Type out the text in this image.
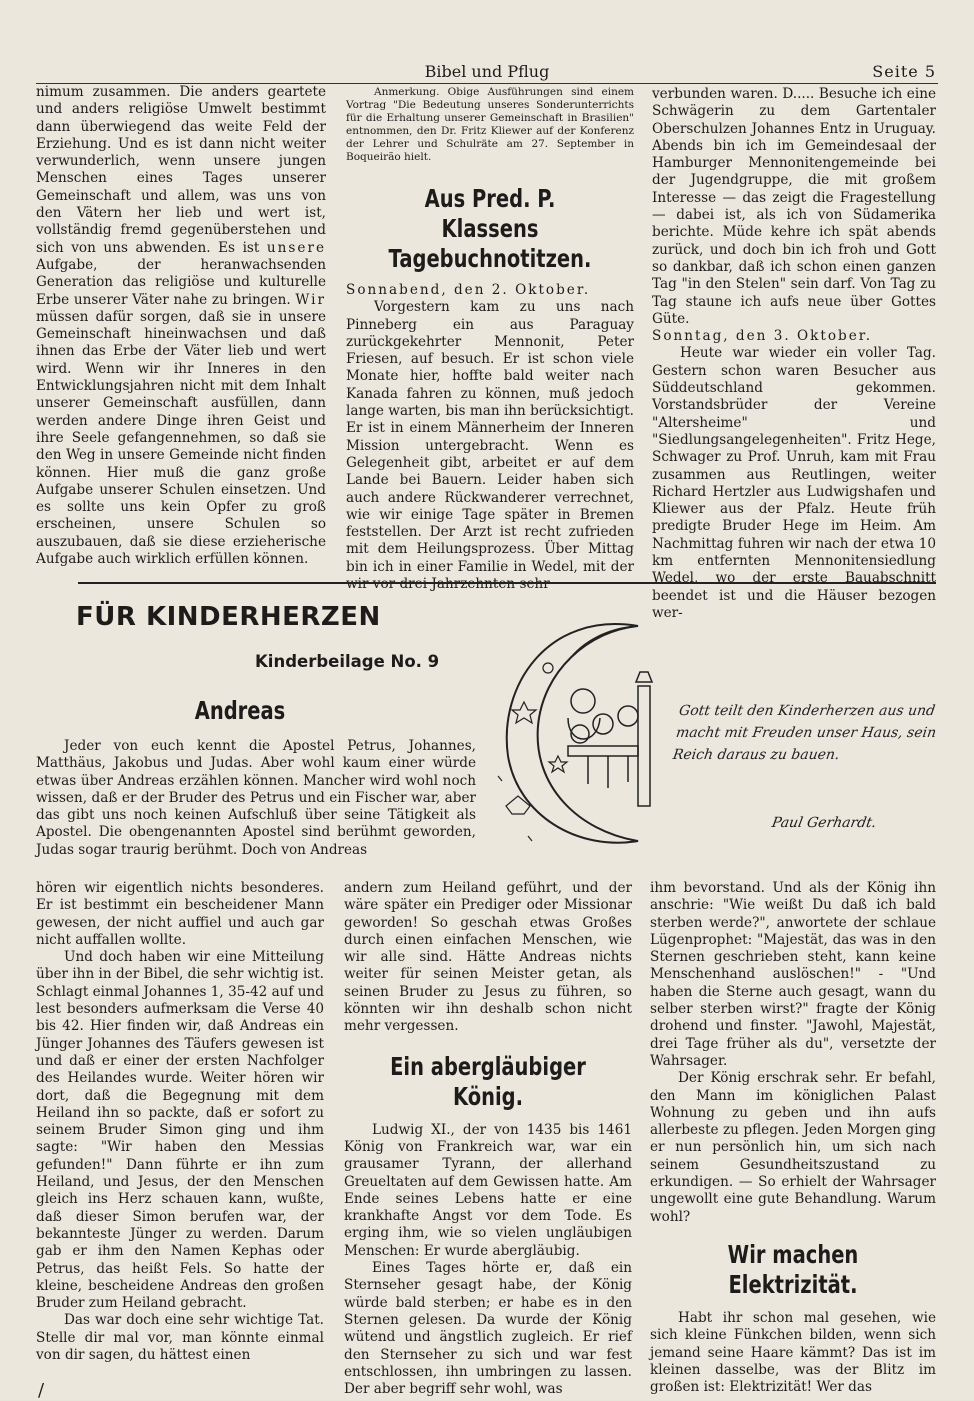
Bibel und Pflug	Seite 5

nimum zusammen. Die anders geartete und anders religiöse Umwelt bestimmt dann überwiegend das weite Feld der Erziehung. Und es ist dann nicht weiter verwunderlich, wenn unsere jungen Menschen eines Tages unserer Gemeinschaft und allem, was uns von den Vätern her lieb und wert ist, vollständig fremd gegenüberstehen und sich von uns abwenden. Es ist unsere Aufgabe, der heranwachsenden Generation das religiöse und kulturelle Erbe unserer Väter nahe zu bringen. Wir müssen dafür sorgen, daß sie in unsere Gemeinschaft hineinwachsen und daß ihnen das Erbe der Väter lieb und wert wird. Wenn wir ihr Inneres in den Entwicklungsjahren nicht mit dem Inhalt unserer Gemeinschaft ausfüllen, dann werden andere Dinge ihren Geist und ihre Seele gefangennehmen, so daß sie den Weg in unsere Gemeinde nicht finden können. Hier muß die ganz große Aufgabe unserer Schulen einsetzen. Und es sollte uns kein Opfer zu groß erscheinen, unsere Schulen so auszubauen, daß sie diese erzieherische Aufgabe auch wirklich erfüllen können.

Anmerkung. Obige Ausführungen sind einem Vortrag "Die Bedeutung unseres Sonderunterrichts für die Erhaltung unserer Gemeinschaft in Brasilien" entnommen, den Dr. Fritz Kliewer auf der Konferenz der Lehrer und Schulräte am 27. September in Boqueirão hielt.

Aus Pred. P. Klassens Tagebuchnotitzen.

Sonnabend, den 2. Oktober.

Vorgestern kam zu uns nach Pinneberg ein aus Paraguay zurückgekehrter Mennonit, Peter Friesen, auf besuch. Er ist schon viele Monate hier, hoffte bald weiter nach Kanada fahren zu können, muß jedoch lange warten, bis man ihn berücksichtigt. Er ist in einem Männerheim der Inneren Mission untergebracht. Wenn es Gelegenheit gibt, arbeitet er auf dem Lande bei Bauern. Leider haben sich auch andere Rückwanderer verrechnet, wie wir einige Tage später in Bremen feststellen. Der Arzt ist recht zufrieden mit dem Heilungsprozess. Über Mittag bin ich in einer Familie in Wedel, mit der wir vor drei Jahrzehnten sehr

verbunden waren. D..... Besuche ich eine Schwägerin zu dem Gartentaler Oberschulzen Johannes Entz in Uruguay. Abends bin ich im Gemeindesaal der Hamburger Mennonitengemeinde bei der Jugendgruppe, die mit großem Interesse — das zeigt die Fragestellung — dabei ist, als ich von Südamerika berichte. Müde kehre ich spät abends zurück, und doch bin ich froh und Gott so dankbar, daß ich schon einen ganzen Tag "in den Stelen" sein darf. Von Tag zu Tag staune ich aufs neue über Gottes Güte.

Sonntag, den 3. Oktober.

Heute war wieder ein voller Tag. Gestern schon waren Besucher aus Süddeutschland gekommen. Vorstandsbrüder der Vereine "Altersheime" und "Siedlungsangelegenheiten". Fritz Hege, Schwager zu Prof. Unruh, kam mit Frau zusammen aus Reutlingen, weiter Richard Hertzler aus Ludwigshafen und Kliewer aus der Pfalz. Heute früh predigte Bruder Hege im Heim. Am Nachmittag fuhren wir nach der etwa 10 km entfernten Mennonitensiedlung Wedel, wo der erste Bauabschnitt beendet ist und die Häuser bezogen wer-

FÜR KINDERHERZEN
Kinderbeilage No. 9
Andreas	Gott teilt den Kinderherzen aus und macht mit Freuden unser Haus, sein Reich daraus zu bauen.
Paul Gerhardt.

Jeder von euch kennt die Apostel Petrus, Johannes, Matthäus, Jakobus und Judas. Aber wohl kaum einer würde etwas über Andreas erzählen können. Mancher wird wohl noch wissen, daß er der Bruder des Petrus und ein Fischer war, aber das gibt uns noch keinen Aufschluß über seine Tätigkeit als Apostel. Die obengenannten Apostel sind berühmt geworden, Judas sogar traurig berühmt. Doch von Andreas

hören wir eigentlich nichts besonderes. Er ist bestimmt ein bescheidener Mann gewesen, der nicht auffiel und auch gar nicht auffallen wollte.

Und doch haben wir eine Mitteilung über ihn in der Bibel, die sehr wichtig ist. Schlagt einmal Johannes 1, 35-42 auf und lest besonders aufmerksam die Verse 40 bis 42. Hier finden wir, daß Andreas ein Jünger Johannes des Täufers gewesen ist und daß er einer der ersten Nachfolger des Heilandes wurde. Weiter hören wir dort, daß die Begegnung mit dem Heiland ihn so packte, daß er sofort zu seinem Bruder Simon ging und ihm sagte: "Wir haben den Messias gefunden!" Dann führte er ihn zum Heiland, und Jesus, der den Menschen gleich ins Herz schauen kann, wußte, daß dieser Simon berufen war, der bekannteste Jünger zu werden. Darum gab er ihm den Namen Kephas oder Petrus, das heißt Fels. So hatte der kleine, bescheidene Andreas den großen Bruder zum Heiland gebracht.

Das war doch eine sehr wichtige Tat. Stelle dir mal vor, man könnte einmal von dir sagen, du hättest einen

andern zum Heiland geführt, und der wäre später ein Prediger oder Missionar geworden! So geschah etwas Großes durch einen einfachen Menschen, wie wir alle sind. Hätte Andreas nichts weiter für seinen Meister getan, als seinen Bruder zu Jesus zu führen, so könnten wir ihn deshalb schon nicht mehr vergessen.

Ein abergläubiger König.

Ludwig XI., der von 1435 bis 1461 König von Frankreich war, war ein grausamer Tyrann, der allerhand Greueltaten auf dem Gewissen hatte. Am Ende seines Lebens hatte er eine krankhafte Angst vor dem Tode. Es erging ihm, wie so vielen ungläubigen Menschen: Er wurde abergläubig.

Eines Tages hörte er, daß ein Sternseher gesagt habe, der König würde bald sterben; er habe es in den Sternen gelesen. Da wurde der König wütend und ängstlich zugleich. Er rief den Sternseher zu sich und war fest entschlossen, ihn umbringen zu lassen. Der aber begriff sehr wohl, was

ihm bevorstand. Und als der König ihn anschrie: "Wie weißt Du daß ich bald sterben werde?", anwortete der schlaue Lügenprophet: "Majestät, das was in den Sternen geschrieben steht, kann keine Menschenhand auslöschen!" - "Und haben die Sterne auch gesagt, wann du selber sterben wirst?" fragte der König drohend und finster. "Jawohl, Majestät, drei Tage früher als du", versetzte der Wahrsager.

Der König erschrak sehr. Er befahl, den Mann im königlichen Palast Wohnung zu geben und ihn aufs allerbeste zu pflegen. Jeden Morgen ging er nun persönlich hin, um sich nach seinem Gesundheitszustand zu erkundigen. — So erhielt der Wahrsager ungewollt eine gute Behandlung. Warum wohl?

Wir machen Elektrizität.

Habt ihr schon mal gesehen, wie sich kleine Fünkchen bilden, wenn sich jemand seine Haare kämmt? Das ist im kleinen dasselbe, was der Blitz im großen ist: Elektrizität! Wer das

/
